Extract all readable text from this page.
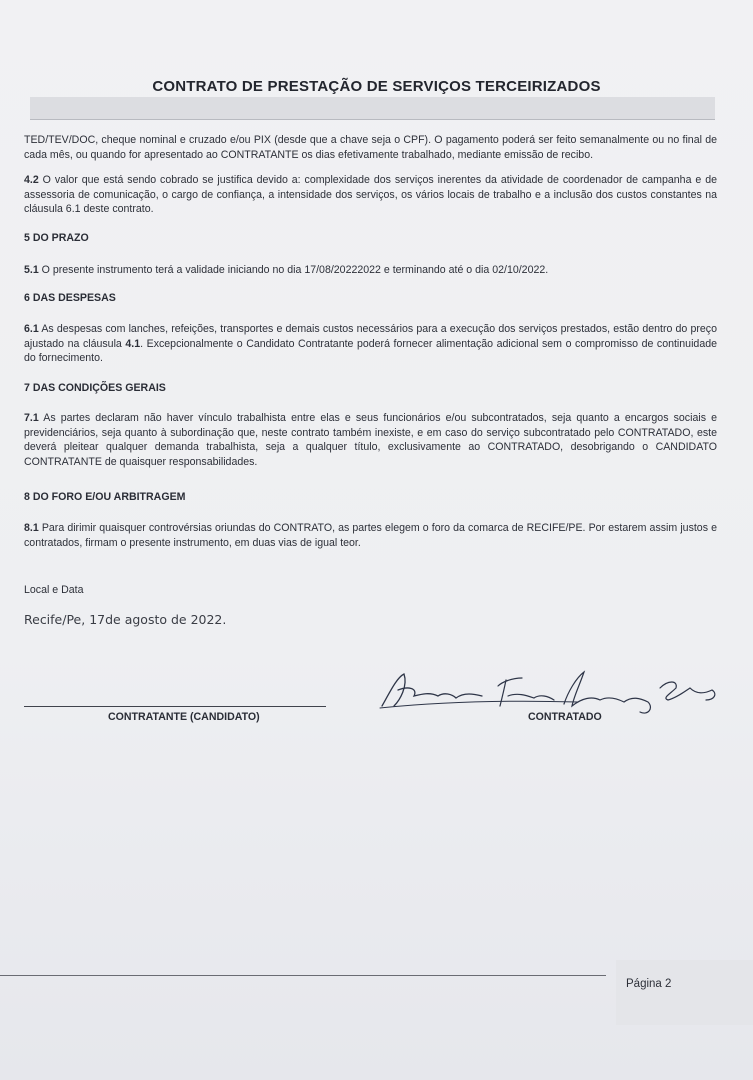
CONTRATO DE PRESTAÇÃO DE SERVIÇOS TERCEIRIZADOS
TED/TEV/DOC, cheque nominal e cruzado e/ou PIX (desde que a chave seja o CPF). O pagamento poderá ser feito semanalmente ou no final de cada mês, ou quando for apresentado ao CONTRATANTE os dias efetivamente trabalhado, mediante emissão de recibo.
4.2 O valor que está sendo cobrado se justifica devido a: complexidade dos serviços inerentes da atividade de coordenador de campanha e de assessoria de comunicação, o cargo de confiança, a intensidade dos serviços, os vários locais de trabalho e a inclusão dos custos constantes na cláusula 6.1 deste contrato.
5 DO PRAZO
5.1 O presente instrumento terá a validade iniciando no dia 17/08/20222022 e terminando até o dia 02/10/2022.
6 DAS DESPESAS
6.1 As despesas com lanches, refeições, transportes e demais custos necessários para a execução dos serviços prestados, estão dentro do preço ajustado na cláusula 4.1. Excepcionalmente o Candidato Contratante poderá fornecer alimentação adicional sem o compromisso de continuidade do fornecimento.
7 DAS CONDIÇÕES GERAIS
7.1 As partes declaram não haver vínculo trabalhista entre elas e seus funcionários e/ou subcontratados, seja quanto a encargos sociais e previdenciários, seja quanto à subordinação que, neste contrato também inexiste, e em caso do serviço subcontratado pelo CONTRATADO, este deverá pleitear qualquer demanda trabalhista, seja a qualquer título, exclusivamente ao CONTRATADO, desobrigando o CANDIDATO CONTRATANTE de quaisquer responsabilidades.
8 DO FORO E/OU ARBITRAGEM
8.1 Para dirimir quaisquer controvérsias oriundas do CONTRATO, as partes elegem o foro da comarca de RECIFE/PE. Por estarem assim justos e contratados, firmam o presente instrumento, em duas vias de igual teor.
Local e Data
Recife/Pe, 17de agosto de 2022.
CONTRATANTE (CANDIDATO)	Raimundo Fabio Lourenço Santos	CONTRATADO
Página 2
